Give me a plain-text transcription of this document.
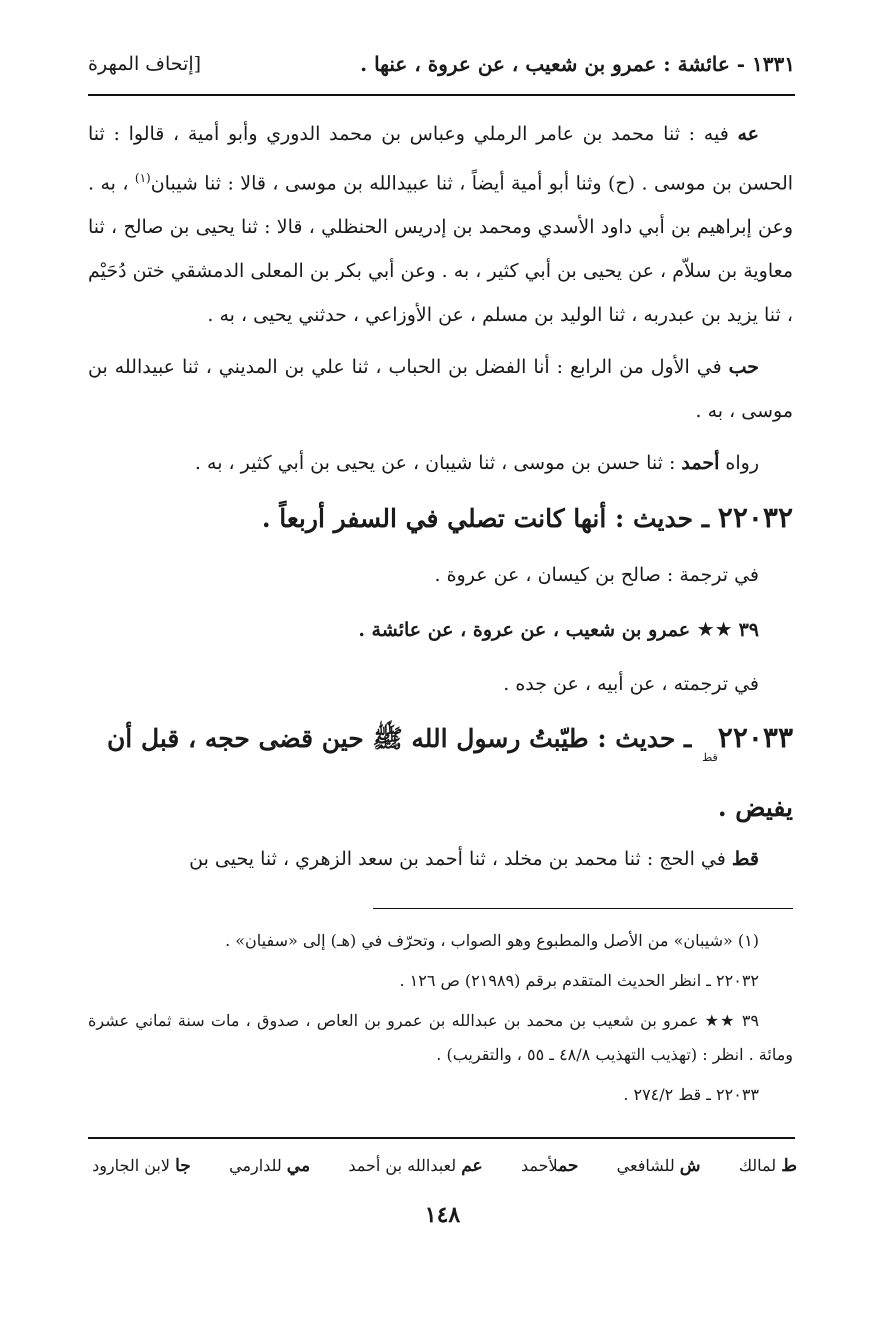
١٣٣١ - عائشة : عمرو بن شعيب ، عن عروة ، عنها .
[إتحاف المهرة

عه فيه : ثنا محمد بن عامر الرملي وعباس بن محمد الدوري وأبو أمية ، قالوا : ثنا الحسن بن موسى . (ح) وثنا أبو أمية أيضاً ، ثنا عبيدالله بن موسى ، قالا : ثنا شيبان$^{(١)}$ ، به . وعن إبراهيم بن أبي داود الأسدي ومحمد بن إدريس الحنظلي ، قالا : ثنا يحيى بن صالح ، ثنا معاوية بن سلاّم ، عن يحيى بن أبي كثير ، به . وعن أبي بكر بن المعلى الدمشقي ختن دُحَيْم ، ثنا يزيد بن عبدربه ، ثنا الوليد بن مسلم ، عن الأوزاعي ، حدثني يحيى ، به .

حب في الأول من الرابع : أنا الفضل بن الحباب ، ثنا علي بن المديني ، ثنا عبيدالله بن موسى ، به .

رواه أحمد : ثنا حسن بن موسى ، ثنا شيبان ، عن يحيى بن أبي كثير ، به .

٢٢٠٣٢ ـ حديث : أنها كانت تصلي في السفر أربعاً .
في ترجمة : صالح بن كيسان ، عن عروة .
٣٩ ★★ عمرو بن شعيب ، عن عروة ، عن عائشة .
في ترجمته ، عن أبيه ، عن جده .
$٢٢٠٣٣_{قط}$ ـ حديث : طيّبتُ رسول الله ﷺ حين قضى حجه ، قبل أن يفيض .

قط في الحج : ثنا محمد بن مخلد ، ثنا أحمد بن سعد الزهري ، ثنا يحيى بن

(١) «شيبان» من الأصل والمطبوع وهو الصواب ، وتحرّف في (هـ) إلى «سفيان» .

٢٢٠٣٢ ـ انظر الحديث المتقدم برقم (٢١٩٨٩) ص ١٢٦ .

٣٩ ★★ عمرو بن شعيب بن محمد بن عبدالله بن عمرو بن العاص ، صدوق ، مات سنة ثماني عشرة ومائة . انظر : (تهذيب التهذيب ٤٨/٨ ـ ٥٥ ، والتقريب) .

٢٢٠٣٣ ـ قط ٢٧٤/٢ .

ط لمالك
ش للشافعي
حملأحمد
عم لعبدالله بن أحمد
مي للدارمي
جا لابن الجارود
١٤٨
